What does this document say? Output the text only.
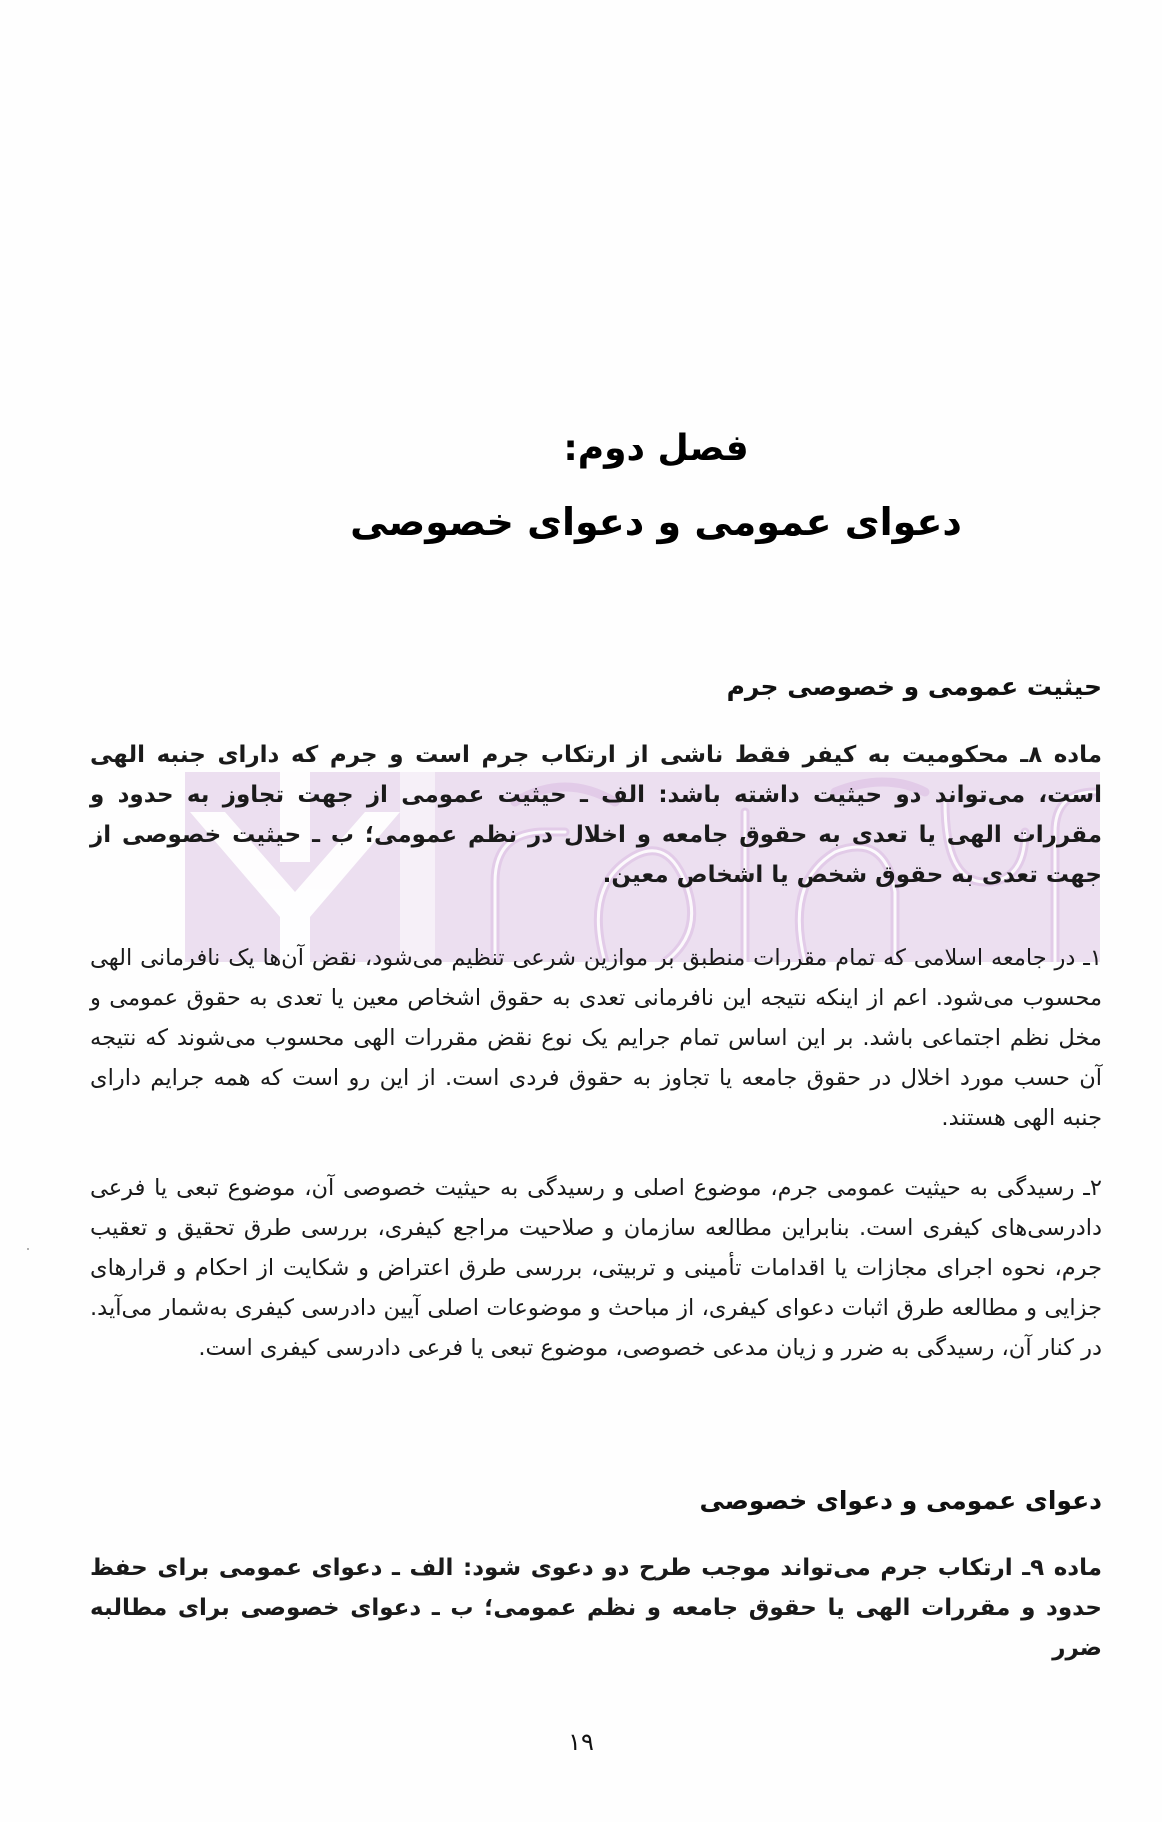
فصل دوم:
دعوای عمومی و دعوای خصوصی
حیثیت عمومی و خصوصی جرم
ماده ۸ـ محکومیت به کیفر فقط ناشی از ارتکاب جرم است و جرم که دارای جنبه الهی است، می‌تواند دو حیثیت داشته باشد: الف ـ حیثیت عمومی از جهت تجاوز به حدود و مقررات الهی یا تعدی به حقوق جامعه و اخلال در نظم عمومی؛ ب ـ حیثیت خصوصی از جهت تعدی به حقوق شخص یا اشخاص معین.
۱ـ در جامعه اسلامی که تمام مقررات منطبق بر موازین شرعی تنظیم می‌شود، نقض آن‌ها یک نافرمانی الهی محسوب می‌شود. اعم از اینکه نتیجه این نافرمانی تعدی به حقوق اشخاص معین یا تعدی به حقوق عمومی و مخل نظم اجتماعی باشد. بر این اساس تمام جرایم یک نوع نقض مقررات الهی محسوب می‌شوند که نتیجه آن حسب مورد اخلال در حقوق جامعه یا تجاوز به حقوق فردی است. از این رو است که همه جرایم دارای جنبه الهی هستند.
۲ـ رسیدگی به حیثیت عمومی جرم، موضوع اصلی و رسیدگی به حیثیت خصوصی آن، موضوع تبعی یا فرعی دادرسی‌های کیفری است. بنابراین مطالعه سازمان و صلاحیت مراجع کیفری، بررسی طرق تحقیق و تعقیب جرم، نحوه اجرای مجازات یا اقدامات تأمینی و تربیتی، بررسی طرق اعتراض و شکایت از احکام و قرارهای جزایی و مطالعه طرق اثبات دعوای کیفری، از مباحث و موضوعات اصلی آیین دادرسی کیفری به‌شمار می‌آید. در کنار آن، رسیدگی به ضرر و زیان مدعی خصوصی، موضوع تبعی یا فرعی دادرسی کیفری است.
دعوای عمومی و دعوای خصوصی
ماده ۹ـ ارتکاب جرم می‌تواند موجب طرح دو دعوی شود: الف ـ دعوای عمومی برای حفظ حدود و مقررات الهی یا حقوق جامعه و نظم عمومی؛ ب ـ دعوای خصوصی برای مطالبه ضرر
۱۹
